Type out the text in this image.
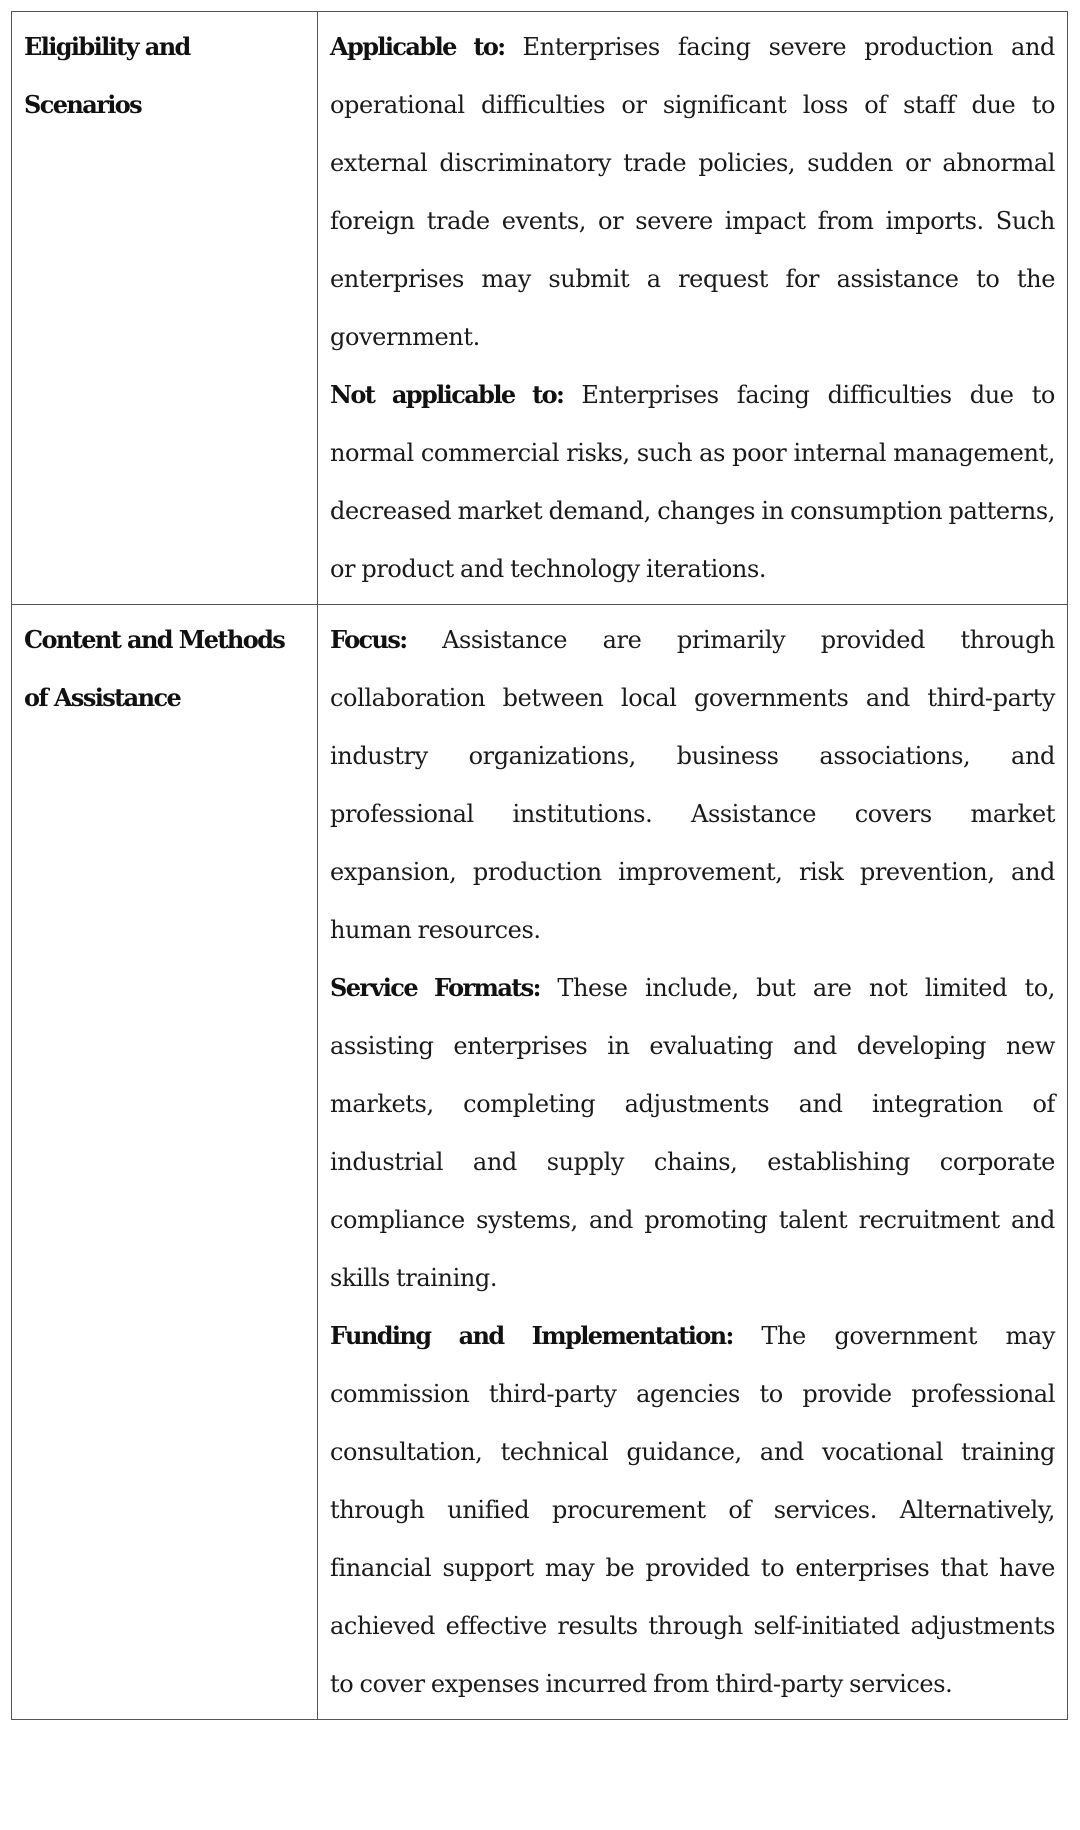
Eligibility and Scenarios	Applicable to: Enterprises facing severe production and operational difficulties or significant loss of staff due to external discriminatory trade policies, sudden or abnormal foreign trade events, or severe impact from imports. Such enterprises may submit a request for assistance to the government.

Not applicable to: Enterprises facing difficulties due to normal commercial risks, such as poor internal management, decreased market demand, changes in consumption patterns, or product and technology iterations.

Content and Methods of Assistance	Focus: Assistance are primarily provided through collaboration between local governments and third-party industry organizations, business associations, and professional institutions. Assistance covers market expansion, production improvement, risk prevention, and human resources.

Service Formats: These include, but are not limited to, assisting enterprises in evaluating and developing new markets, completing adjustments and integration of industrial and supply chains, establishing corporate compliance systems, and promoting talent recruitment and skills training.

Funding and Implementation: The government may commission third-party agencies to provide professional consultation, technical guidance, and vocational training through unified procurement of services. Alternatively, financial support may be provided to enterprises that have achieved effective results through self-initiated adjustments to cover expenses incurred from third-party services.
